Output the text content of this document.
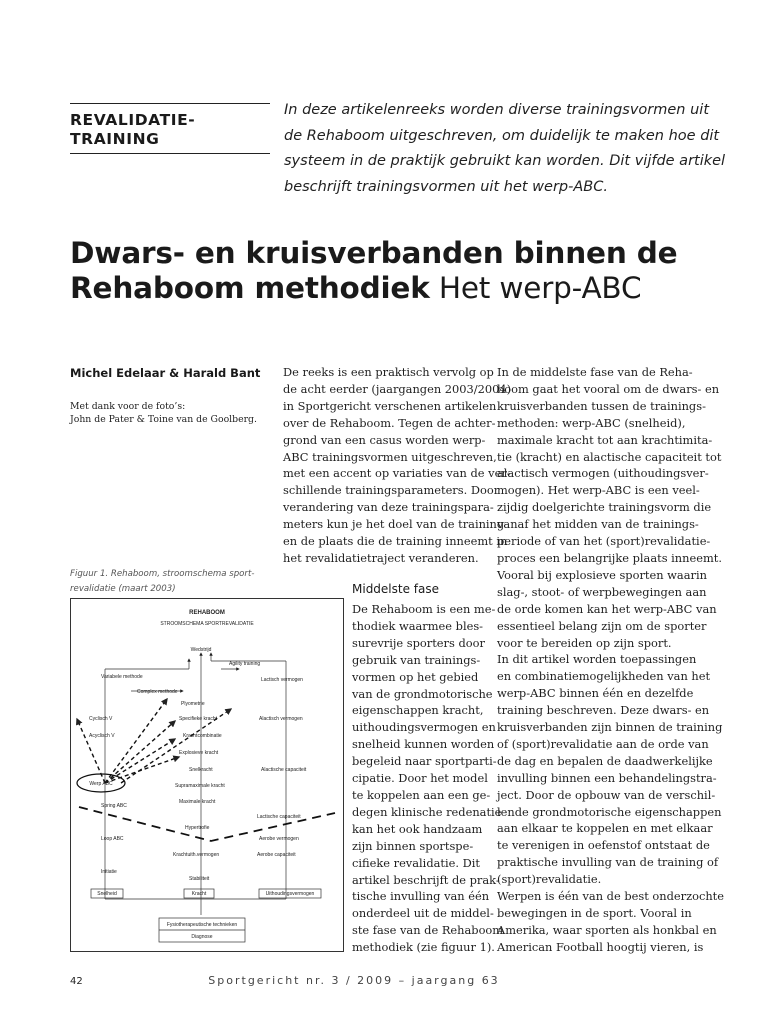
REVALIDATIE-
TRAINING
In deze artikelenreeks worden diverse trainingsvormen uit
de Rehaboom uitgeschreven, om duidelijk te maken hoe dit
systeem in de praktijk gebruikt kan worden. Dit vijfde artikel
beschrijft trainingsvormen uit het werp-ABC.
Dwars- en kruisverbanden binnen de
Rehaboom methodiek Het werp-ABC
Michel Edelaar & Harald Bant
Met dank voor de foto’s:
John de Pater & Toine van de Goolberg.
De reeks is een praktisch vervolg op
de acht eerder (jaargangen 2003/2004)
in Sportgericht verschenen artikelen
over de Rehaboom. Tegen de achter-
grond van een casus worden werp-
ABC trainingsvormen uitgeschreven,
met een accent op variaties van de ver-
schillende trainingsparameters. Door
verandering van deze trainingspara-
meters kun je het doel van de training
en de plaats die de training inneemt in
het revalidatietraject veranderen.
Middelste fase
De Rehaboom is een me-
thodiek waarmee bles-
surevrije sporters door
gebruik van trainings-
vormen op het gebied
van de grondmotorische
eigenschappen kracht,
uithoudingsvermogen en
snelheid kunnen worden
begeleid naar sportparti-
cipatie. Door het model
te koppelen aan een ge-
degen klinische redenatie
kan het ook handzaam
zijn binnen sportspe-
cifieke revalidatie. Dit
artikel beschrijft de prak-
tische invulling van één
onderdeel uit de middel-
ste fase van de Rehaboom
methodiek (zie figuur 1).
In de middelste fase van de Reha-
boom gaat het vooral om de dwars- en
kruisverbanden tussen de trainings-
methoden: werp-ABC (snelheid),
maximale kracht tot aan krachtimita-
tie (kracht) en alactische capaciteit tot
alactisch vermogen (uithoudingsver-
mogen). Het werp-ABC is een veel-
zijdig doelgerichte trainingsvorm die
vanaf het midden van de trainings-
periode of van het (sport)revalidatie-
proces een belangrijke plaats inneemt.
Vooral bij explosieve sporten waarin
slag-, stoot- of werpbewegingen aan
de orde komen kan het werp-ABC van
essentieel belang zijn om de sporter
voor te bereiden op zijn sport.
In dit artikel worden toepassingen
en combinatiemogelijkheden van het
werp-ABC binnen één en dezelfde
training beschreven. Deze dwars- en
kruisverbanden zijn binnen de training
of (sport)revalidatie aan de orde van
de dag en bepalen de daadwerkelijke
invulling binnen een behandelingstra-
ject. Door de opbouw van de verschil-
lende grondmotorische eigenschappen
aan elkaar te koppelen en met elkaar
te verenigen in oefenstof ontstaat de
praktische invulling van de training of
(sport)revalidatie.
Werpen is één van de best onderzochte
bewegingen in de sport. Vooral in
Amerika, waar sporten als honkbal en
American Football hoogtij vieren, is
Figuur 1. Rehaboom, stroomschema sport-
revalidatie (maart 2003)
REHABOOM
STROOMSCHEMA SPORTREVALIDATIE
Wedstrijd
Agility training
Variabele methode	Lactisch vermogen
Complex methode
Plyometrie
Cyclisch V	Specifieke kracht	Alactisch vermogen
Acyclisch V	Krachtcombinatie
Explosieve kracht
Snelkracht	Alactische capaciteit
Supramaximale kracht
Werp ABC
Maximale kracht
Spring ABC
Lactische capaciteit
Hypertrofie
Loop ABC	Aerobe vermogen
Krachtuith.vermogen	Aerobe capaciteit
Initiatie
Stabiliteit
Snelheid	Kracht	Uithoudingsvermogen
Fysiotherapeutische technieken
Diagnose
42	Sportgericht nr. 3 / 2009 – jaargang 63
